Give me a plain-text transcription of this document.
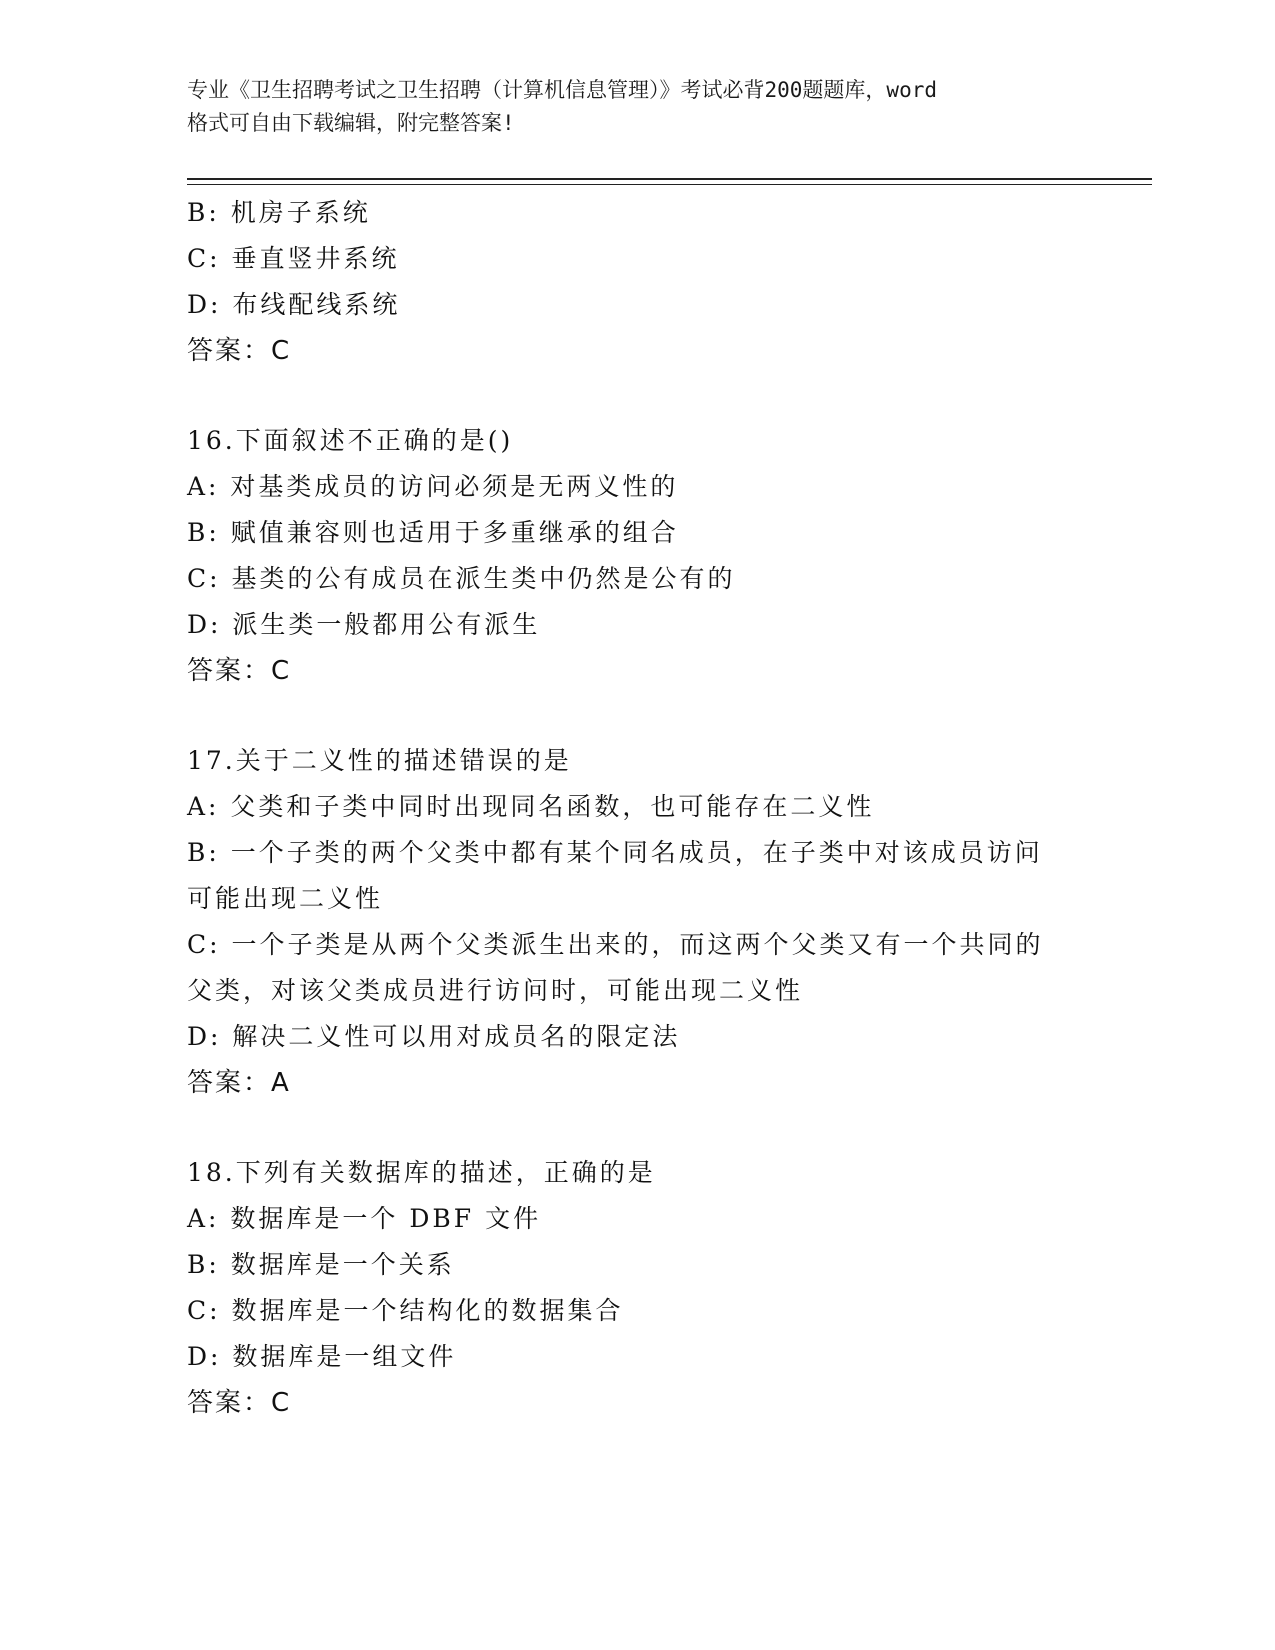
专业《卫生招聘考试之卫生招聘（计算机信息管理）》考试必背200题题库，word

格式可自由下载编辑，附完整答案!

B: 机房子系统
C: 垂直竖井系统
D: 布线配线系统
答案：C
16.下面叙述不正确的是()
A: 对基类成员的访问必须是无两义性的
B: 赋值兼容则也适用于多重继承的组合
C: 基类的公有成员在派生类中仍然是公有的
D: 派生类一般都用公有派生
答案：C
17.关于二义性的描述错误的是
A: 父类和子类中同时出现同名函数，也可能存在二义性
B: 一个子类的两个父类中都有某个同名成员，在子类中对该成员访问
可能出现二义性
C: 一个子类是从两个父类派生出来的，而这两个父类又有一个共同的
父类，对该父类成员进行访问时，可能出现二义性
D: 解决二义性可以用对成员名的限定法
答案：A
18.下列有关数据库的描述，正确的是
A: 数据库是一个 DBF 文件
B: 数据库是一个关系
C: 数据库是一个结构化的数据集合
D: 数据库是一组文件
答案：C
